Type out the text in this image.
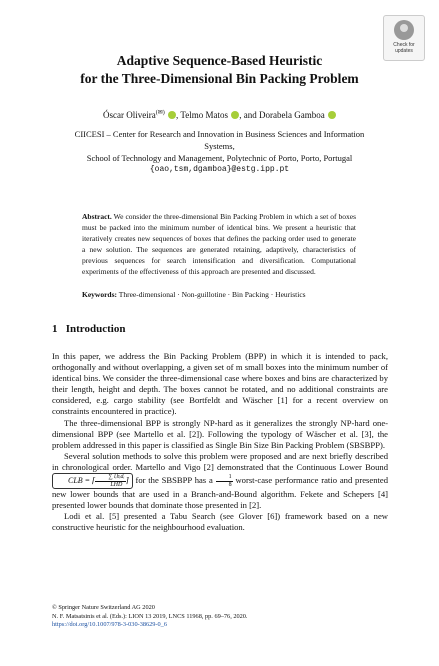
Check for
updates
Adaptive Sequence-Based Heuristic
for the Three-Dimensional Bin Packing Problem
Óscar Oliveira(✉) , Telmo Matos , and Dorabela Gamboa
CIICESI – Center for Research and Innovation in Business Sciences and Information Systems,
School of Technology and Management, Polytechnic of Porto, Porto, Portugal
{oao,tsm,dgamboa}@estg.ipp.pt
Abstract. We consider the three-dimensional Bin Packing Problem in which a set of boxes must be packed into the minimum number of identical bins. We present a heuristic that iteratively creates new sequences of boxes that defines the packing order used to generate a new solution. The sequences are generated retaining, adaptively, characteristics of previous sequences for search intensification and diversification. Computational experiments of the effectiveness of this approach are presented and discussed.
Keywords: Three-dimensional · Non-guillotine · Bin Packing · Heuristics
1 Introduction

In this paper, we address the Bin Packing Problem (BPP) in which it is intended to pack, orthogonally and without overlapping, a given set of m small boxes into the minimum number of identical bins. We consider the three-dimensional case where boxes and bins are characterized by their length, height and depth. The boxes cannot be rotated, and no additional constraints are considered, e.g. cargo stability (see Bortfeldt and Wäscher [1] for a recent overview on constraints encountered in practice).

The three-dimensional BPP is strongly NP-hard as it generalizes the strongly NP-hard one-dimensional BPP (see Martello et al. [2]). Following the typology of Wäscher et al. [3], the problem addressed in this paper is classified as Single Bin Size Bin Packing Problem (SBSBPP).

Several solution methods to solve this problem were proposed and are next briefly described in chronological order. Martello and Vigo [2] demonstrated that the Continuous Lower Bound CLB = ⌈ $\frac{\text{∑ lᵢhᵢdᵢ}}{\text{LHD}}$ ⌉ for the SBSBPP has a $\frac{1}{8}$ worst-case performance ratio and presented new lower bounds that are used in a Branch-and-Bound algorithm. Fekete and Schepers [4] presented lower bounds that dominate those presented in [2].

Lodi et al. [5] presented a Tabu Search (see Glover [6]) framework based on a new constructive heuristic for the neighbourhood evaluation.

© Springer Nature Switzerland AG 2020
N. F. Matsatsinis et al. (Eds.): LION 13 2019, LNCS 11968, pp. 69–76, 2020.
https://doi.org/10.1007/978-3-030-38629-0_6
